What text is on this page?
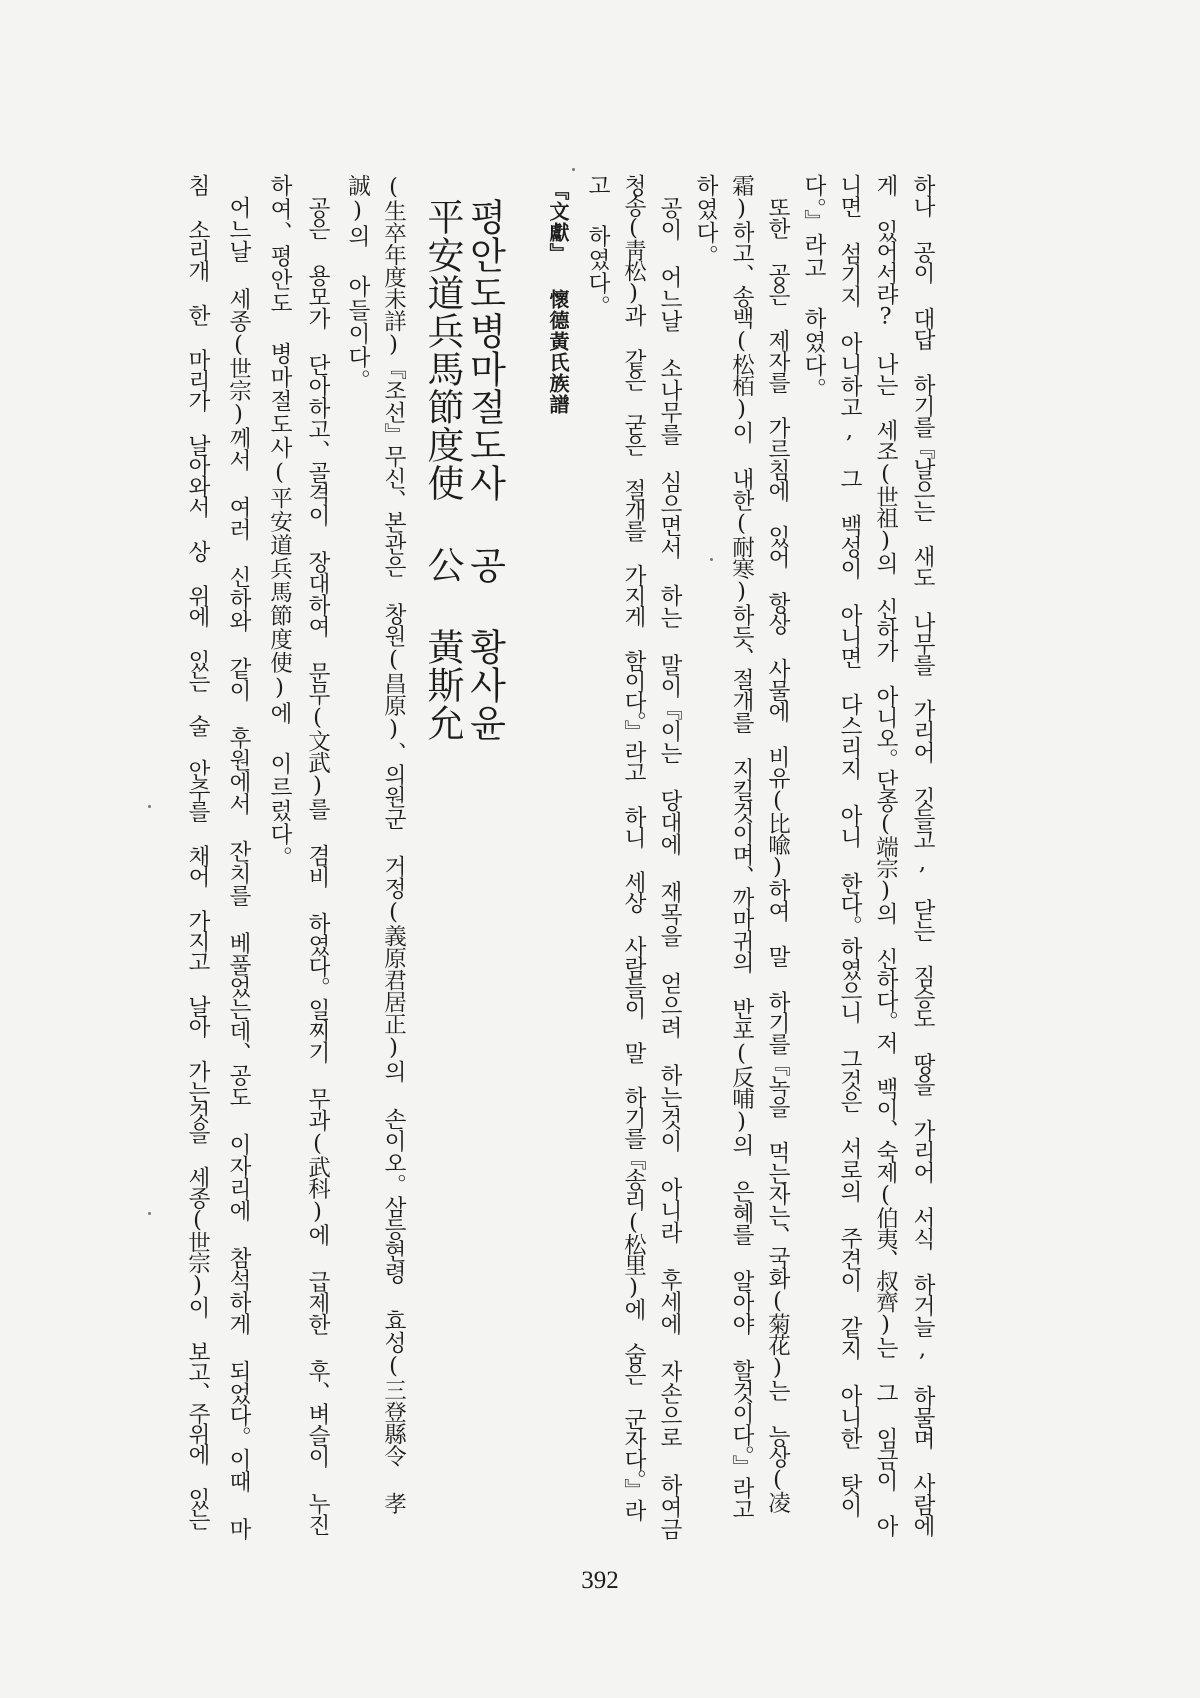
하나 공이 대답 하기를『날으는 새도 나무를 가리어 깃들고, 닫는 짐승도 땅을 가리어 서식 하거늘, 하물며 사람에
게 있어서랴? 나는 세조(世祖)의 신하가 아니오。단종(端宗)의 신하다。저 백이、숙제(伯夷、叔齊)는 그 임금이 아
니면 섬기지 아니하고, 그 백성이 아니면 다스리지 아니 한다。하였으니 그것은 서로의 주견이 같지 아니한 탓이
다。』라고 하였다。
또한 공은 제자를 가르침에 있어 항상 사물에 비유(比喩)하여 말 하기를『녹을 먹는자는、국화(菊花)는 능상(凌
霜)하고、송백(松栢)이 내한(耐寒)하듯、절개를 지킬것이며、까마귀의 반포(反哺)의 은혜를 알아야 할것이다。』라고
하였다。
공이 어느날 소나무를 심으면서 하는 말이『이는 당대에 재목을 얻으려 하는것이 아니라 후세에 자손으로 하여금
청송(靑松)과 같은 굳은 절개를 가지게 함이다。』라고 하니 세상 사람들이 말 하기를『송리(松里)에 숨은 군자다。』라
고 하였다。
『文獻』 懷德黃氏族譜
평안도병마절도사 공 황사윤
平安道兵馬節度使 公 黃斯允
(生卒年度未詳)『조선』무신、본관은 창원(昌原)、의원군 거정(義原君居正)의 손이오。삼등현령 효성(三登縣令 孝
誠)의 아들이다。
공은 용모가 단아하고、골격이 장대하여 문무(文武)를 겸비 하였다。일찌기 무과(武科)에 급제한 후、벼슬이 누진
하여、평안도 병마절도사(平安道兵馬節度使)에 이르렀다。
어느날 세종(世宗)께서 여러 신하와 같이 후원에서 잔치를 베풀었는데、공도 이자리에 참석하게 되었다。이때 마
침 소리개 한 마리가 날아와서 상 위에 있는 술 안주를 채어 가지고 날아 가는것을 세종(世宗)이 보고、주위에 있는
392
